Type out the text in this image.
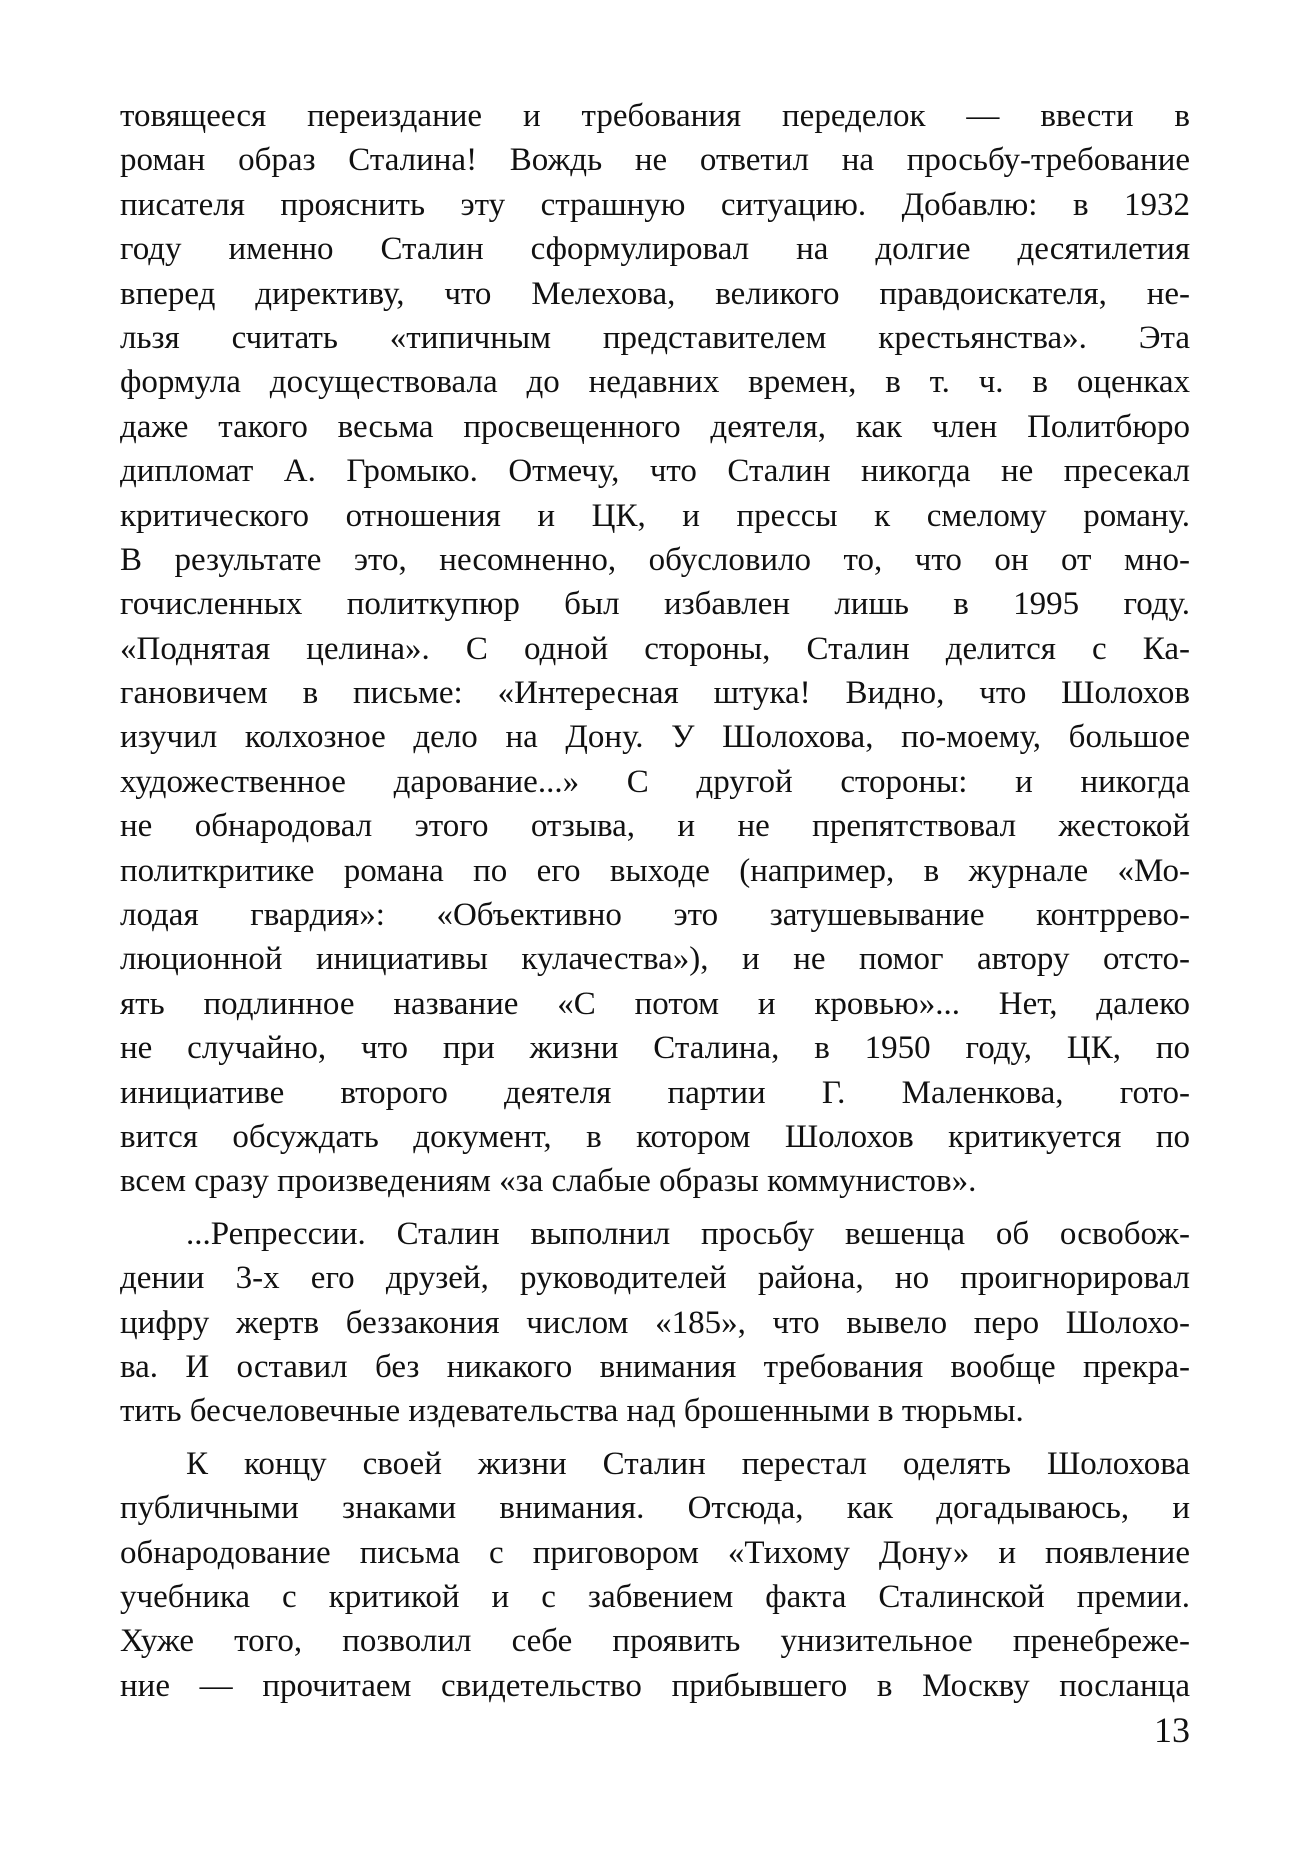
товящееся переиздание и требования переделок — ввести в
роман образ Сталина! Вождь не ответил на просьбу-требование
писателя прояснить эту страшную ситуацию. Добавлю: в 1932
году именно Сталин сформулировал на долгие десятилетия
вперед директиву, что Мелехова, великого правдоискателя, не-
льзя считать «типичным представителем крестьянства». Эта
формула досуществовала до недавних времен, в т. ч. в оценках
даже такого весьма просвещенного деятеля, как член Политбюро
дипломат А. Громыко. Отмечу, что Сталин никогда не пресекал
критического отношения и ЦК, и прессы к смелому роману.
В результате это, несомненно, обусловило то, что он от мно-
гочисленных политкупюр был избавлен лишь в 1995 году.
«Поднятая целина». С одной стороны, Сталин делится с Ка-
гановичем в письме: «Интересная штука! Видно, что Шолохов
изучил колхозное дело на Дону. У Шолохова, по-моему, большое
художественное дарование...» С другой стороны: и никогда
не обнародовал этого отзыва, и не препятствовал жестокой
политкритике романа по его выходе (например, в журнале «Мо-
лодая гвардия»: «Объективно это затушевывание контррево-
люционной инициативы кулачества»), и не помог автору отсто-
ять подлинное название «С потом и кровью»... Нет, далеко
не случайно, что при жизни Сталина, в 1950 году, ЦК, по
инициативе второго деятеля партии Г. Маленкова, гото-
вится обсуждать документ, в котором Шолохов критикуется по
всем сразу произведениям «за слабые образы коммунистов».
...Репрессии. Сталин выполнил просьбу вешенца об освобож-
дении 3-х его друзей, руководителей района, но проигнорировал
цифру жертв беззакония числом «185», что вывело перо Шолохо-
ва. И оставил без никакого внимания требования вообще прекра-
тить бесчеловечные издевательства над брошенными в тюрьмы.
К концу своей жизни Сталин перестал оделять Шолохова
публичными знаками внимания. Отсюда, как догадываюсь, и
обнародование письма с приговором «Тихому Дону» и появление
учебника с критикой и с забвением факта Сталинской премии.
Хуже того, позволил себе проявить унизительное пренебреже-
ние — прочитаем свидетельство прибывшего в Москву посланца
13
